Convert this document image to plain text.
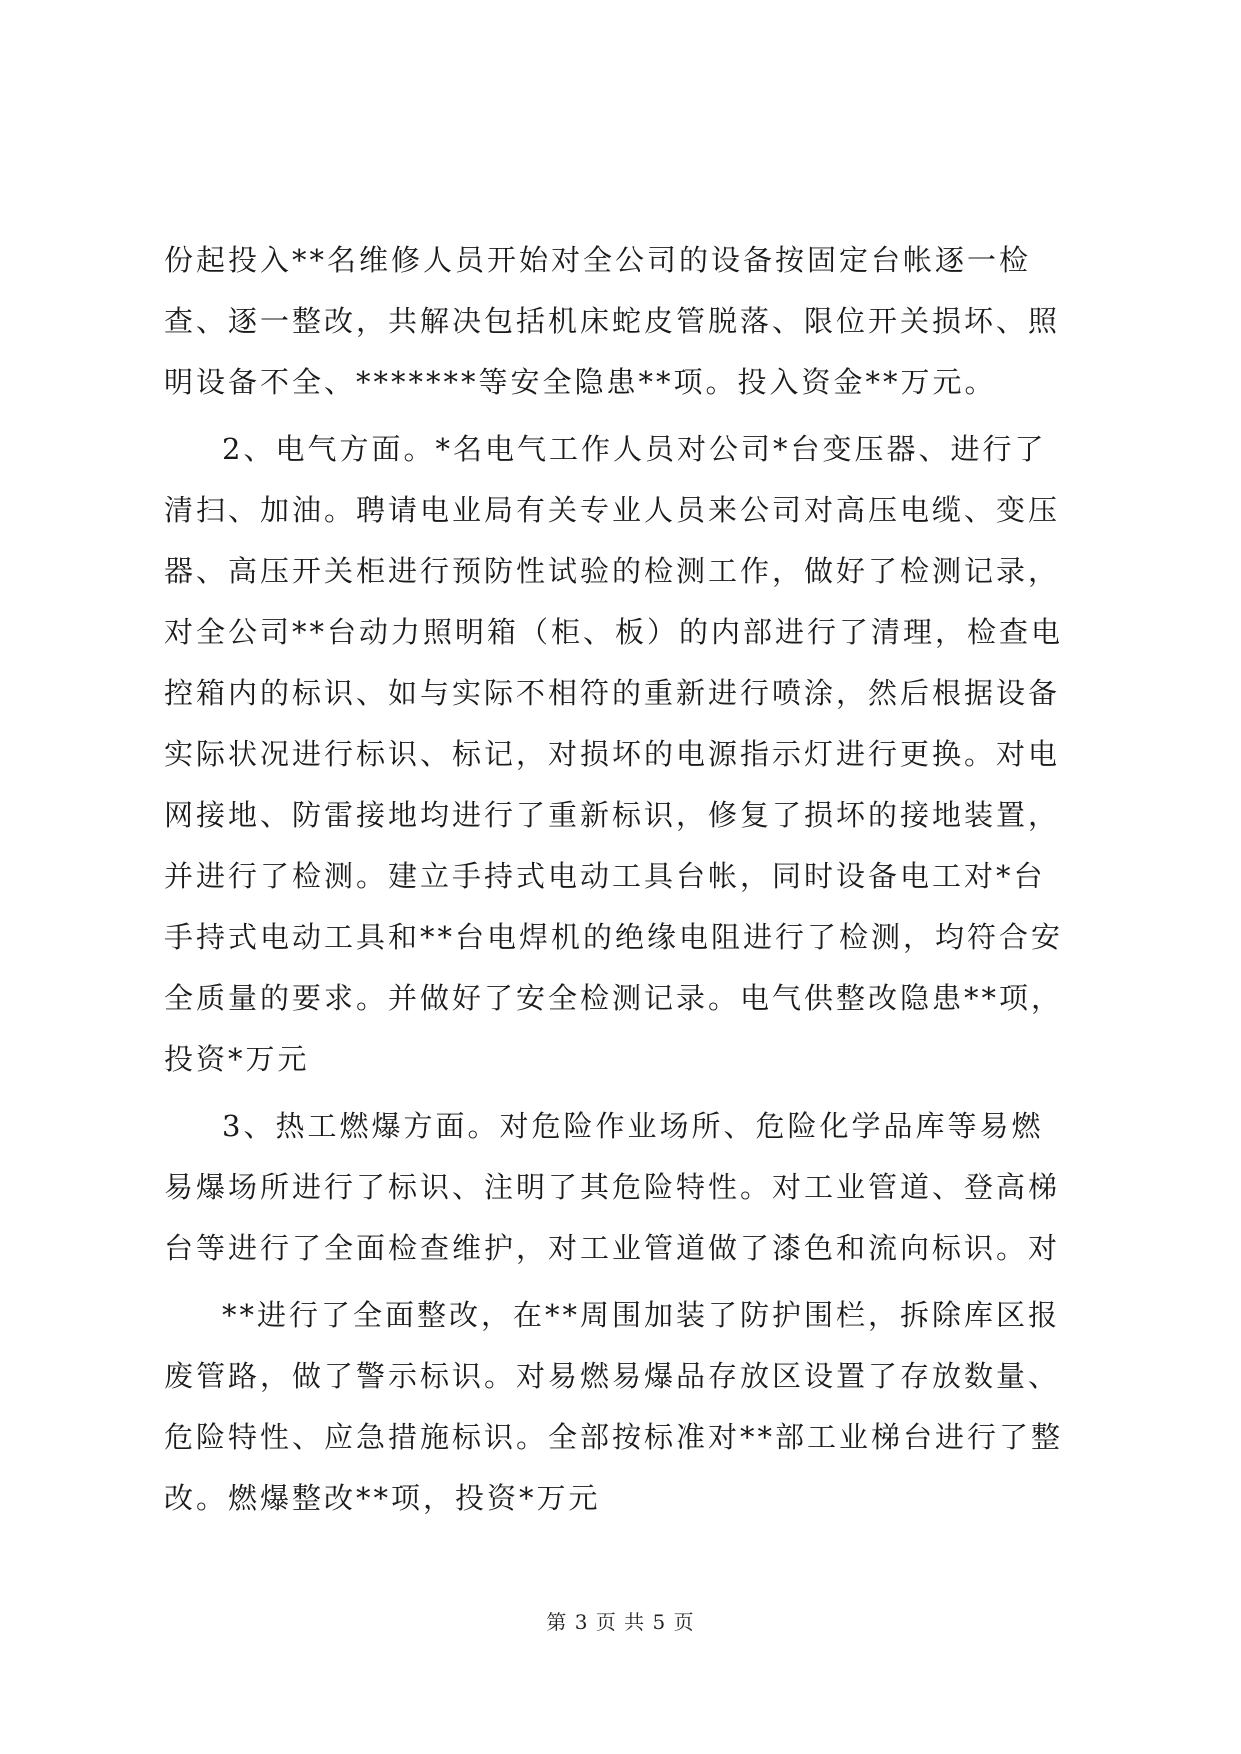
份起投入**名维修人员开始对全公司的设备按固定台帐逐一检
查、逐一整改，共解决包括机床蛇皮管脱落、限位开关损坏、照
明设备不全、*******等安全隐患**项。投入资金**万元。
2、电气方面。*名电气工作人员对公司*台变压器、进行了
清扫、加油。聘请电业局有关专业人员来公司对高压电缆、变压
器、高压开关柜进行预防性试验的检测工作，做好了检测记录，
对全公司**台动力照明箱（柜、板）的内部进行了清理，检查电
控箱内的标识、如与实际不相符的重新进行喷涂，然后根据设备
实际状况进行标识、标记，对损坏的电源指示灯进行更换。对电
网接地、防雷接地均进行了重新标识，修复了损坏的接地装置，
并进行了检测。建立手持式电动工具台帐，同时设备电工对*台
手持式电动工具和**台电焊机的绝缘电阻进行了检测，均符合安
全质量的要求。并做好了安全检测记录。电气供整改隐患**项，
投资*万元
3、热工燃爆方面。对危险作业场所、危险化学品库等易燃
易爆场所进行了标识、注明了其危险特性。对工业管道、登高梯
台等进行了全面检查维护，对工业管道做了漆色和流向标识。对
**进行了全面整改，在**周围加装了防护围栏，拆除库区报
废管路，做了警示标识。对易燃易爆品存放区设置了存放数量、
危险特性、应急措施标识。全部按标准对**部工业梯台进行了整
改。燃爆整改**项，投资*万元
第 3 页 共 5 页
